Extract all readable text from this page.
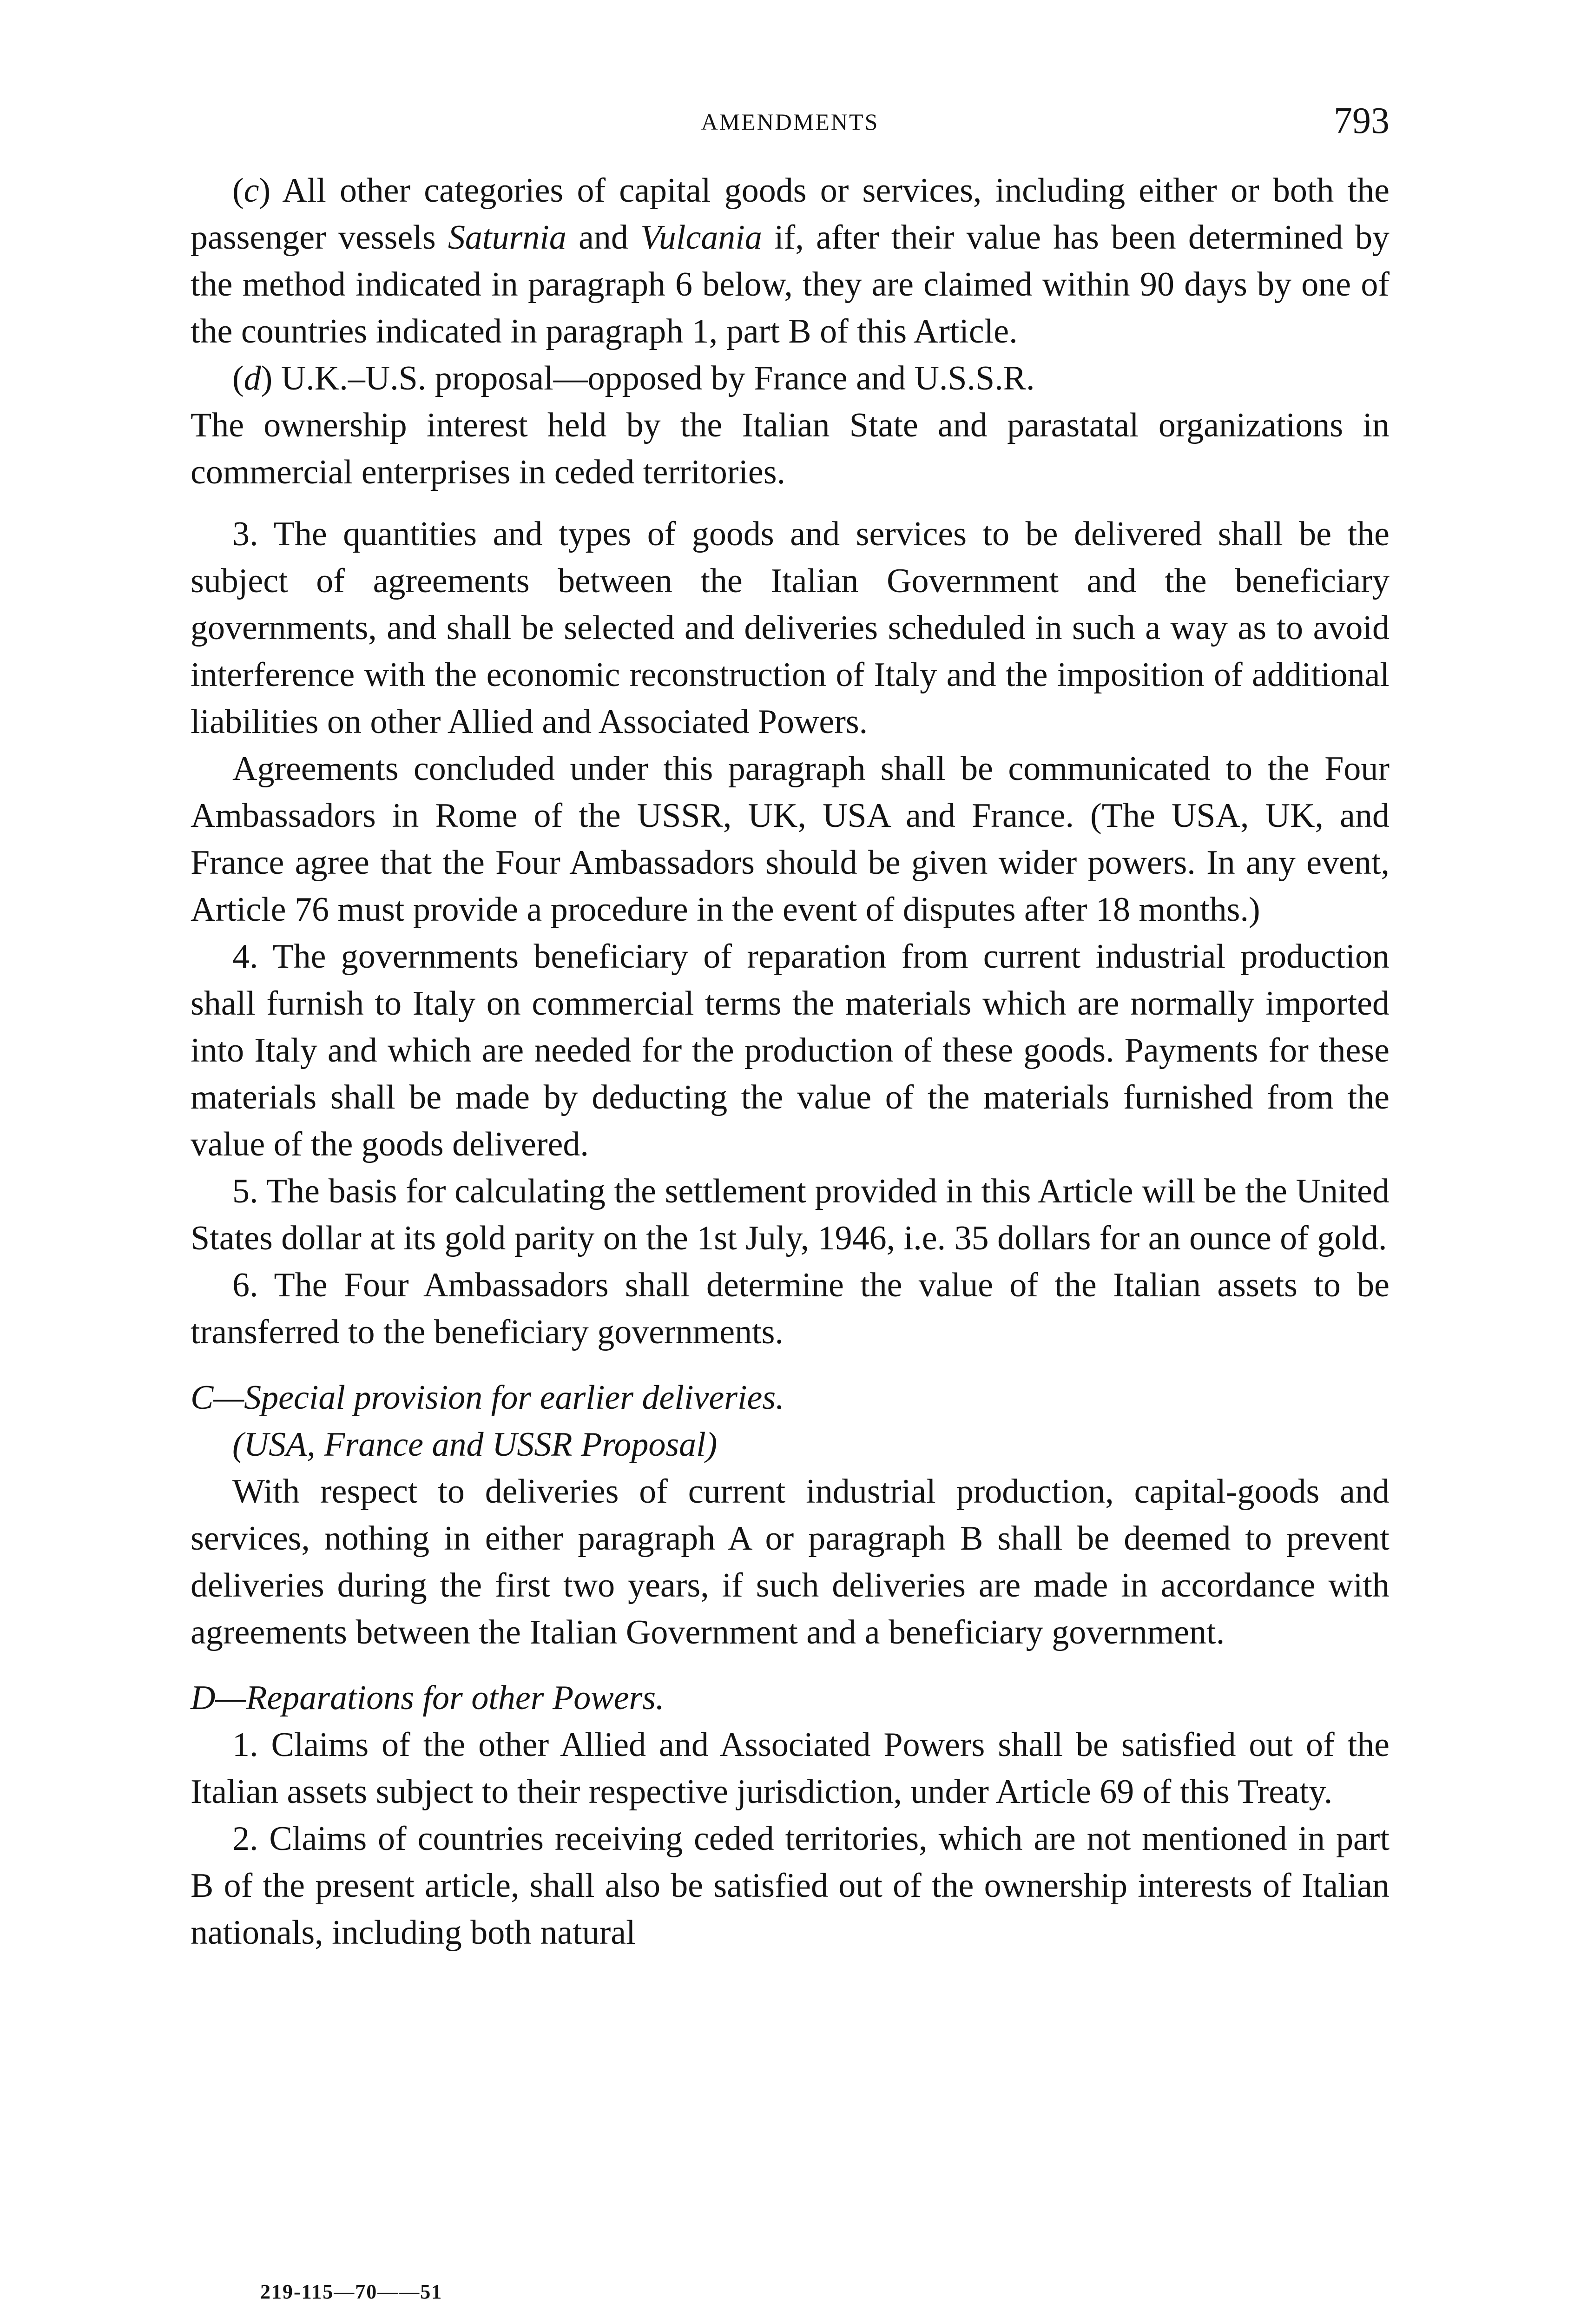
AMENDMENTS	793

(c) All other categories of capital goods or services, including either or both the passenger vessels Saturnia and Vulcania if, after their value has been determined by the method indicated in paragraph 6 below, they are claimed within 90 days by one of the countries indicated in paragraph 1, part B of this Article.

(d) U.K.–U.S. proposal—opposed by France and U.S.S.R.

The ownership interest held by the Italian State and parastatal organizations in commercial enterprises in ceded territories.

3. The quantities and types of goods and services to be delivered shall be the subject of agreements between the Italian Government and the beneficiary governments, and shall be selected and deliveries scheduled in such a way as to avoid interference with the economic reconstruction of Italy and the imposition of additional liabilities on other Allied and Associated Powers.

Agreements concluded under this paragraph shall be communicated to the Four Ambassadors in Rome of the USSR, UK, USA and France. (The USA, UK, and France agree that the Four Ambassadors should be given wider powers. In any event, Article 76 must provide a procedure in the event of disputes after 18 months.)

4. The governments beneficiary of reparation from current industrial production shall furnish to Italy on commercial terms the materials which are normally imported into Italy and which are needed for the production of these goods. Payments for these materials shall be made by deducting the value of the materials furnished from the value of the goods delivered.

5. The basis for calculating the settlement provided in this Article will be the United States dollar at its gold parity on the 1st July, 1946, i.e. 35 dollars for an ounce of gold.

6. The Four Ambassadors shall determine the value of the Italian assets to be transferred to the beneficiary governments.

C—Special provision for earlier deliveries.

(USA, France and USSR Proposal)

With respect to deliveries of current industrial production, capital-goods and services, nothing in either paragraph A or paragraph B shall be deemed to prevent deliveries during the first two years, if such deliveries are made in accordance with agreements between the Italian Government and a beneficiary government.

D—Reparations for other Powers.

1. Claims of the other Allied and Associated Powers shall be satisfied out of the Italian assets subject to their respective jurisdiction, under Article 69 of this Treaty.

2. Claims of countries receiving ceded territories, which are not mentioned in part B of the present article, shall also be satisfied out of the ownership interests of Italian nationals, including both natural

219-115—70——51
